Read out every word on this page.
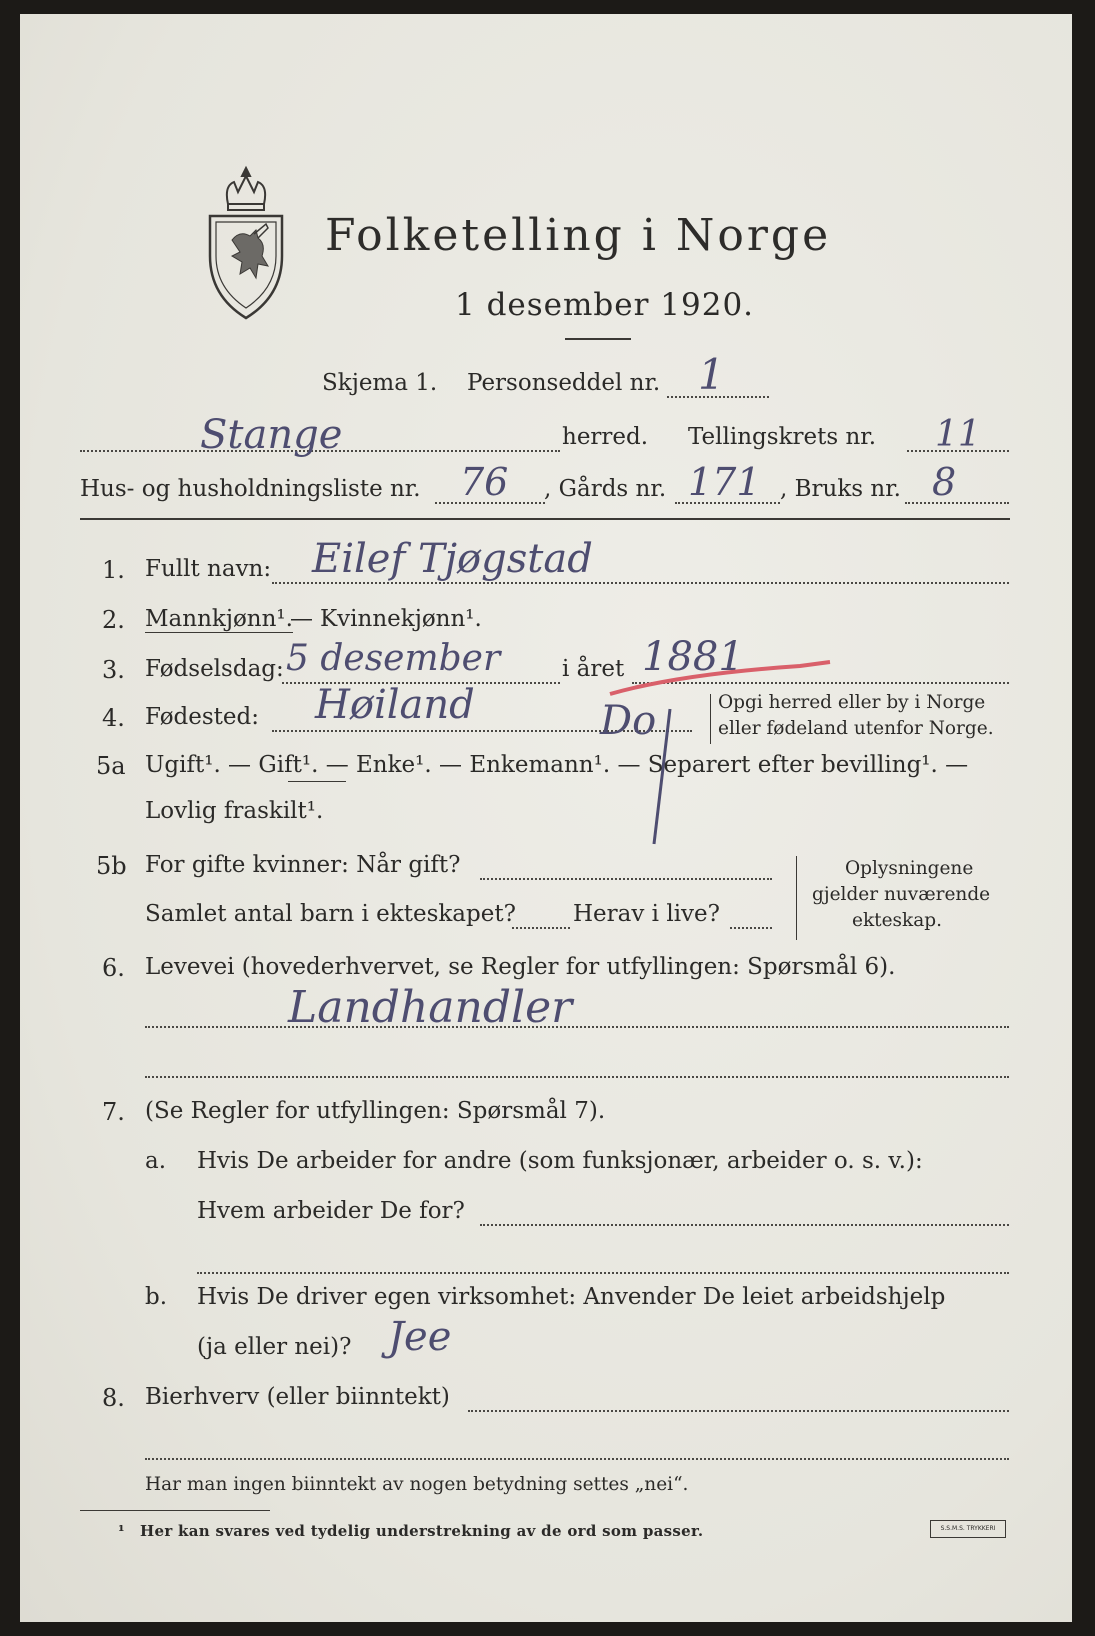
Folketelling i Norge
1 desember 1920.
Skjema 1. Personseddel nr. 1
Stange	herred. Tellingskrets nr. 11
Hus- og husholdningsliste nr. 76 , Gårds nr. 171 , Bruks nr. 8
1. Fullt navn: Eilef Tjøgstad
2. Mannkjønn¹.
— Kvinnekjønn¹.
3. Fødselsdag: 5 desember	i året 1881
4. Fødested: Høiland	Do	Opgi herred eller by i Norge
eller fødeland utenfor Norge.
5a Ugift¹. — Gift¹. — Enke¹. — Enkemann¹. — Separert efter bevilling¹. —
Lovlig fraskilt¹.
5b For gifte kvinner: Når gift?
Samlet antal barn i ekteskapet? Herav i live?
Oplysningene
gjelder nuværende
ekteskap.
6. Levevei (hovederhvervet, se Regler for utfyllingen: Spørsmål 6).
Landhandler
7. (Se Regler for utfyllingen: Spørsmål 7).
a. Hvis De arbeider for andre (som funksjonær, arbeider o. s. v.):
Hvem arbeider De for?
b. Hvis De driver egen virksomhet: Anvender De leiet arbeidshjelp
(ja eller nei)? Jee
8. Bierhverv (eller biinntekt)
Har man ingen biinntekt av nogen betydning settes „nei“.
¹ Her kan svares ved tydelig understrekning av de ord som passer.	S.S.M.S. TRYKKERI
